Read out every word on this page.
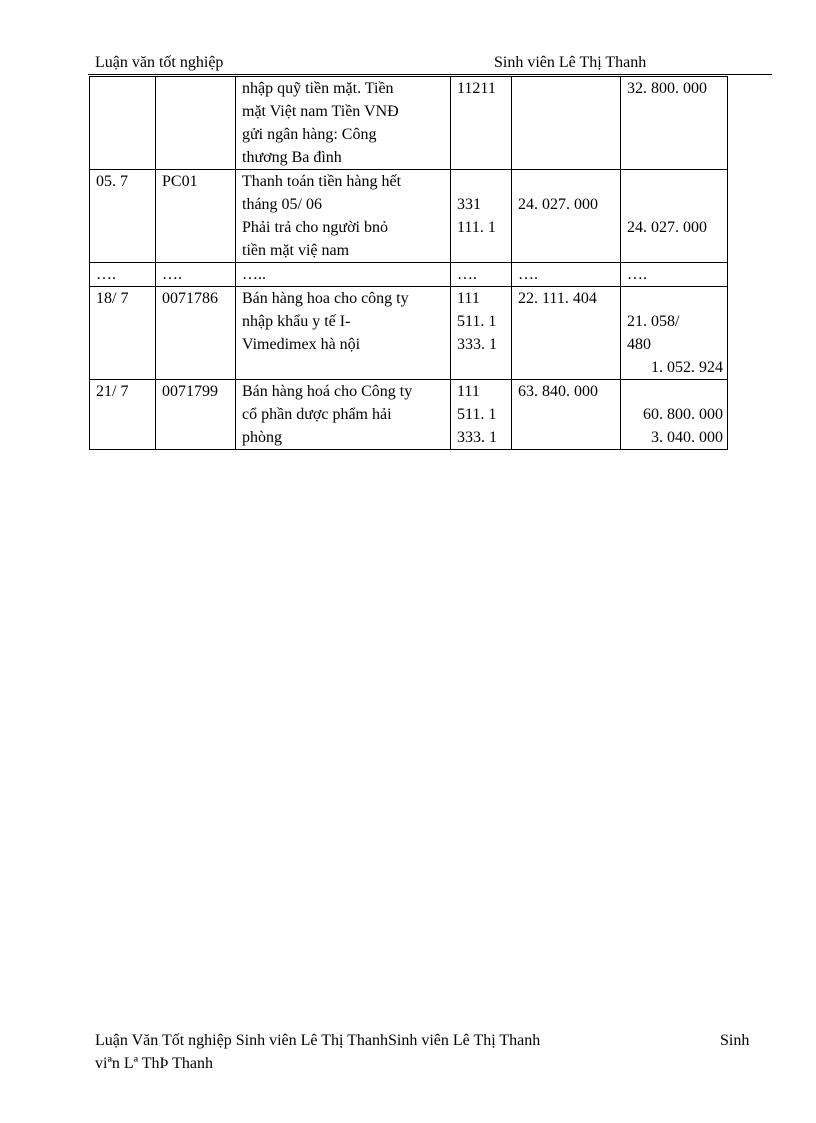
Luận văn tốt nghiệp	Sinh viên Lê Thị Thanh

		nhập quỹ tiền mặt. Tiền
mặt Việt nam Tiền VNĐ
gửi ngân hàng: Công
thương Ba đình	11211		32. 800. 000

05. 7	PC01	Thanh toán tiền hàng hết
tháng 05/ 06
Phải trả cho người bnỏ
tiền mặt việ nam	331
111. 1	24. 027. 000	24. 027. 000

….	….	…..	….	….	….

18/ 7	0071786	Bán hàng hoa cho công ty
nhập khẩu y tế I-
Vimedimex hà nội	111
511. 1
333. 1	22. 111. 404	21. 058/
480
1. 052. 924

21/ 7	0071799	Bán hàng hoá cho Công ty
cổ phần dược phẩm hải
phòng	111
511. 1
333. 1	63. 840. 000	60. 800. 000
3. 040. 000
Luận Văn Tốt nghiệp Sinh viên Lê Thị ThanhSinh viên Lê Thị Thanh	Sinh
viªn Lª ThÞ Thanh
